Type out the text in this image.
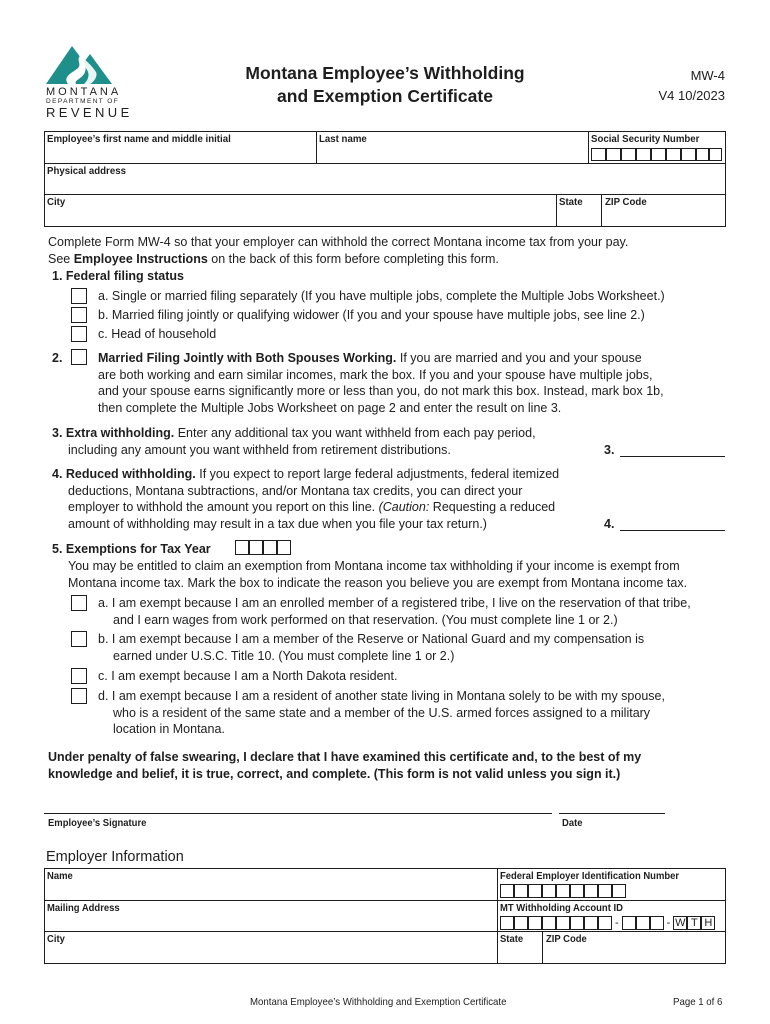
MONTANA
DEPARTMENT OF
REVENUE
Montana Employee’s Withholding
and Exemption Certificate
MW-4
V4 10/2023
Employee’s first name and middle initial	Last name	Social Security Number
Physical address
City	State ZIP Code
Complete Form MW-4 so that your employer can withhold the correct Montana income tax from your pay.
See Employee Instructions on the back of this form before completing this form.
1. Federal filing status
a. Single or married filing separately (If you have multiple jobs, complete the Multiple Jobs Worksheet.)
b. Married filing jointly or qualifying widower (If you and your spouse have multiple jobs, see line 2.)
c. Head of household
2.	Married Filing Jointly with Both Spouses Working. If you are married and you and your spouse
are both working and earn similar incomes, mark the box. If you and your spouse have multiple jobs,
and your spouse earns significantly more or less than you, do not mark this box. Instead, mark box 1b,
then complete the Multiple Jobs Worksheet on page 2 and enter the result on line 3.
3. Extra withholding. Enter any additional tax you want withheld from each pay period,
including any amount you want withheld from retirement distributions.	3.
4. Reduced withholding. If you expect to report large federal adjustments, federal itemized
deductions, Montana subtractions, and/or Montana tax credits, you can direct your
employer to withhold the amount you report on this line. (Caution: Requesting a reduced
amount of withholding may result in a tax due when you file your tax return.)	4.
5. Exemptions for Tax Year
You may be entitled to claim an exemption from Montana income tax withholding if your income is exempt from
Montana income tax. Mark the box to indicate the reason you believe you are exempt from Montana income tax.
a. I am exempt because I am an enrolled member of a registered tribe, I live on the reservation of that tribe,
and I earn wages from work performed on that reservation. (You must complete line 1 or 2.)
b. I am exempt because I am a member of the Reserve or National Guard and my compensation is
earned under U.S.C. Title 10. (You must complete line 1 or 2.)
c. I am exempt because I am a North Dakota resident.
d. I am exempt because I am a resident of another state living in Montana solely to be with my spouse,
who is a resident of the same state and a member of the U.S. armed forces assigned to a military
location in Montana.
Under penalty of false swearing, I declare that I have examined this certificate and, to the best of my
knowledge and belief, it is true, correct, and complete. (This form is not valid unless you sign it.)
Employee’s Signature	Date
Employer Information
Name	Federal Employer Identification Number
Mailing Address	MT Withholding Account ID
-	- W T H
City	State ZIP Code
Montana Employee’s Withholding and Exemption Certificate	Page 1 of 6
